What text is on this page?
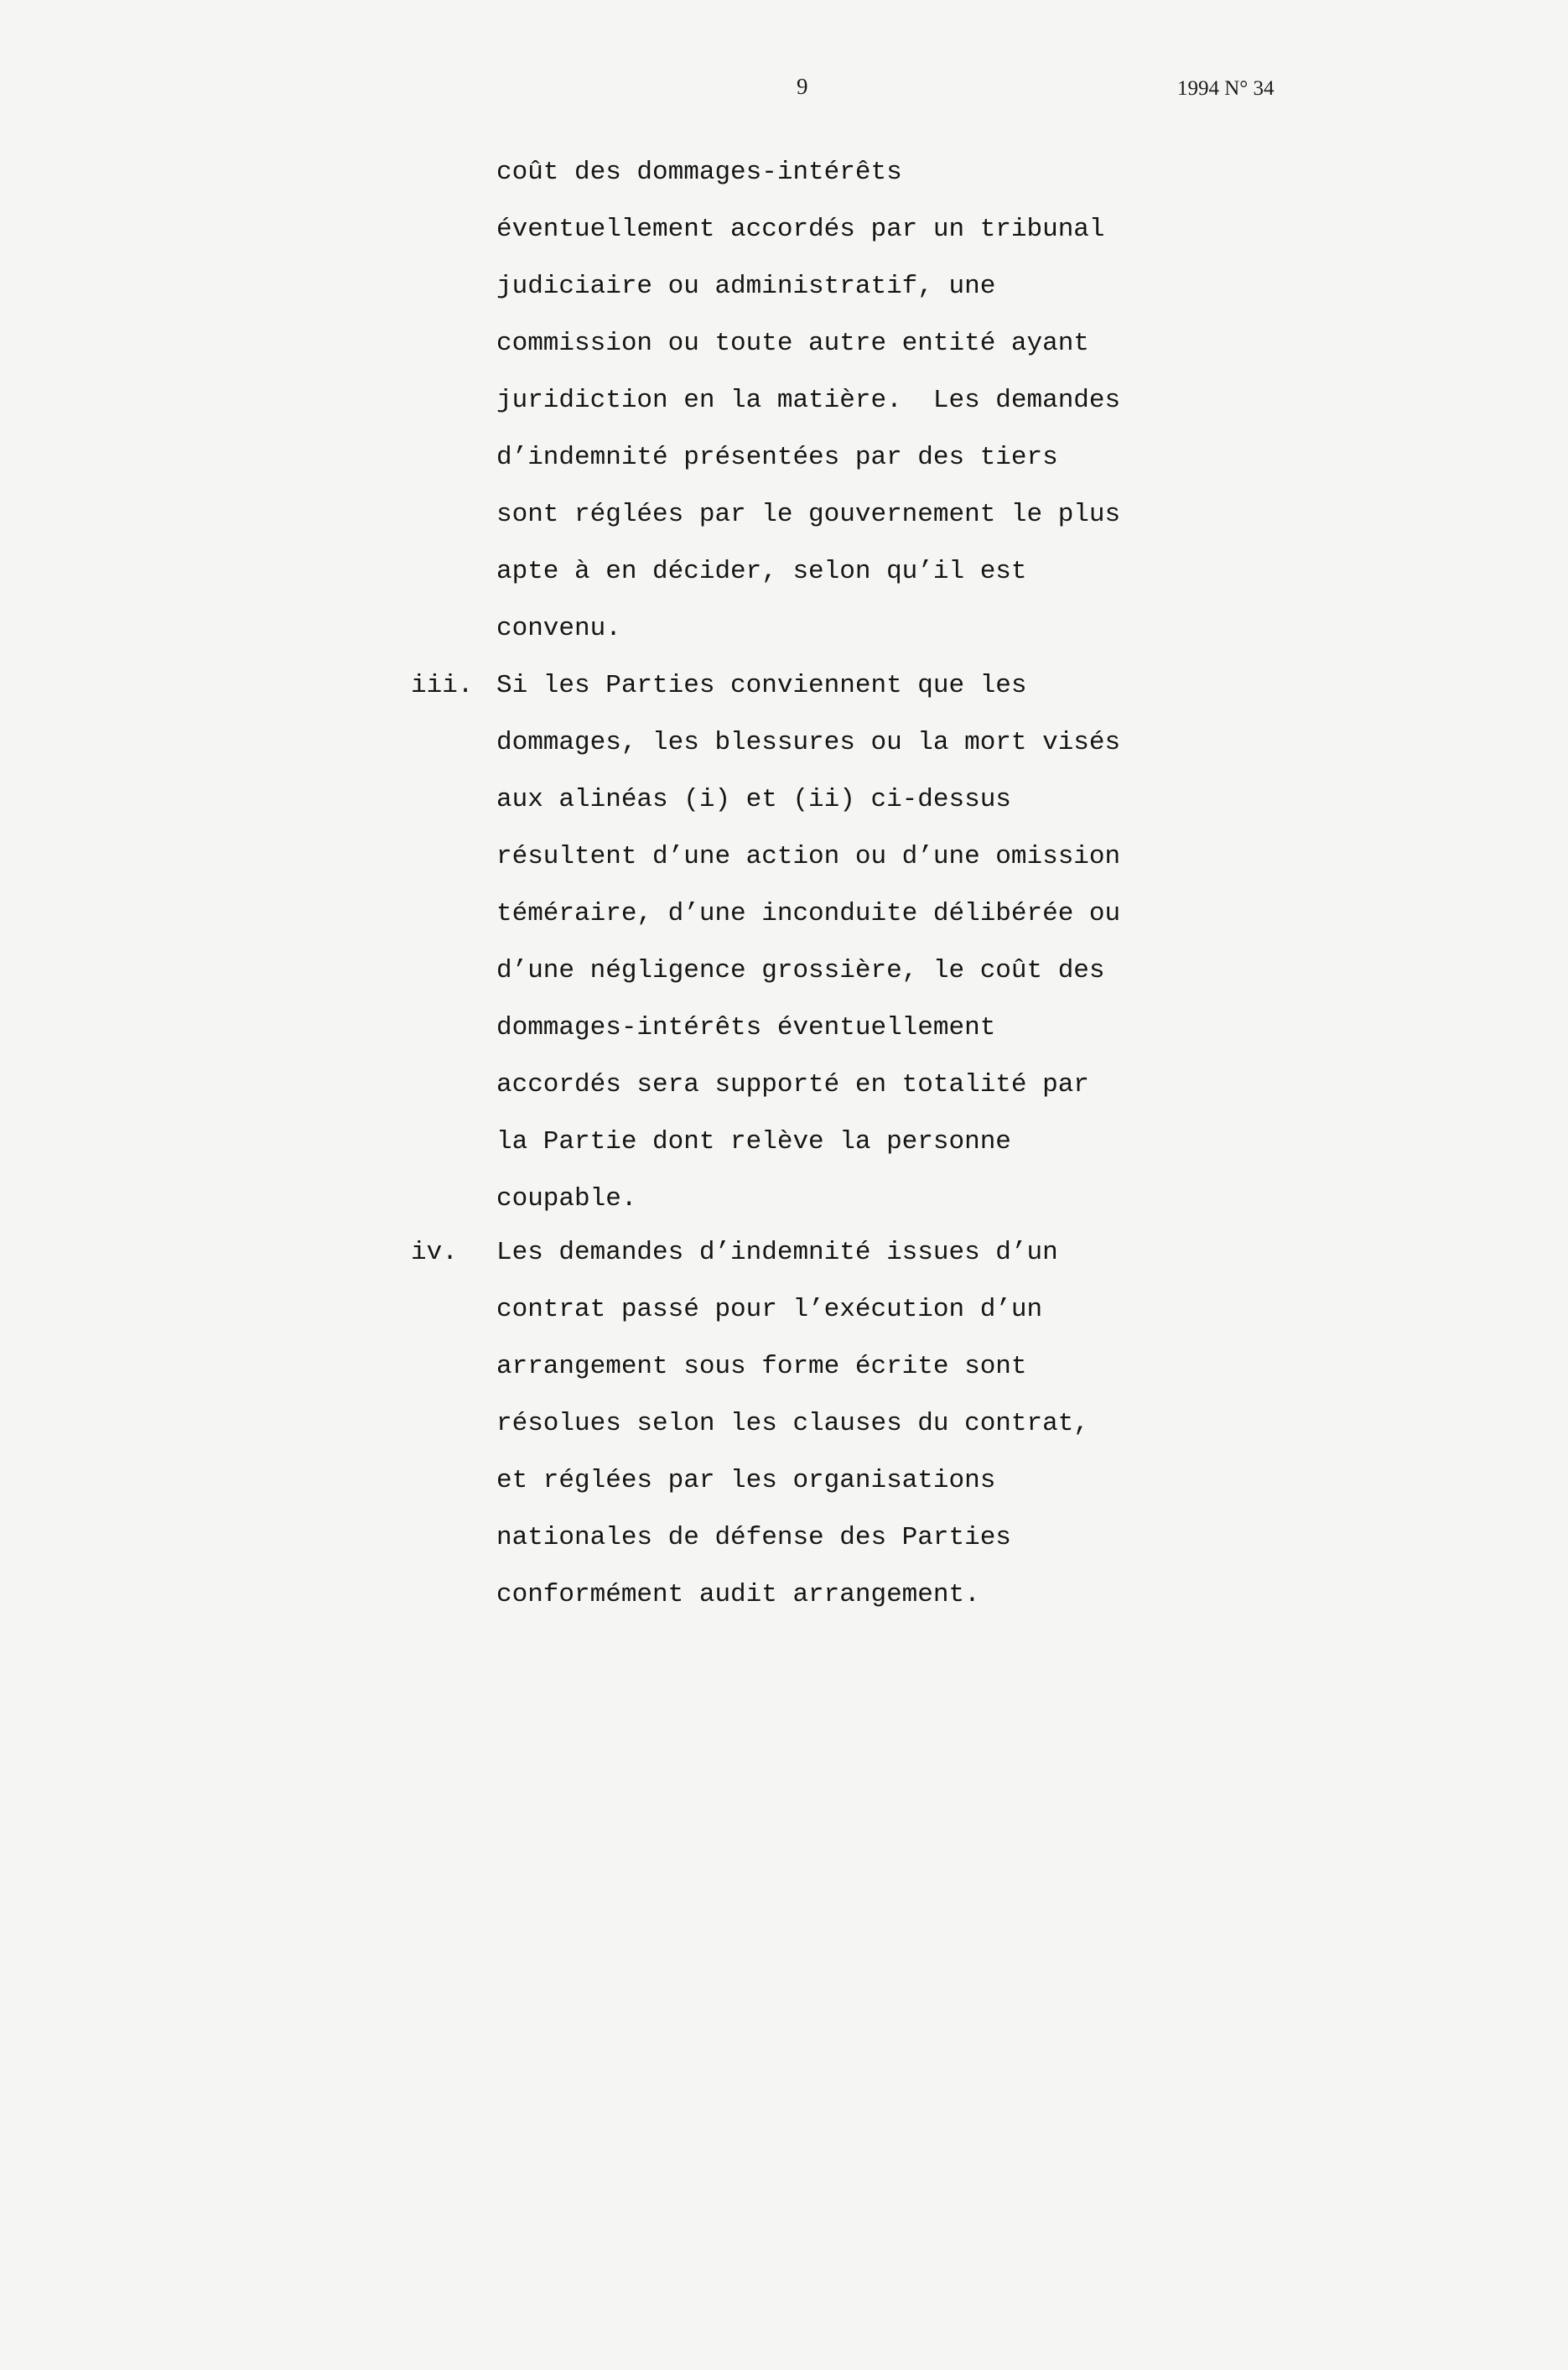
9	1994 N° 34
coût des dommages-intérêts
éventuellement accordés par un tribunal
judiciaire ou administratif, une
commission ou toute autre entité ayant
juridiction en la matière.  Les demandes
d’indemnité présentées par des tiers
sont réglées par le gouvernement le plus
apte à en décider, selon qu’il est
convenu.
iii. Si les Parties conviennent que les
dommages, les blessures ou la mort visés
aux alinéas (i) et (ii) ci-dessus
résultent d’une action ou d’une omission
téméraire, d’une inconduite délibérée ou
d’une négligence grossière, le coût des
dommages-intérêts éventuellement
accordés sera supporté en totalité par
la Partie dont relève la personne
coupable.
iv. Les demandes d’indemnité issues d’un
contrat passé pour l’exécution d’un
arrangement sous forme écrite sont
résolues selon les clauses du contrat,
et réglées par les organisations
nationales de défense des Parties
conformément audit arrangement.
